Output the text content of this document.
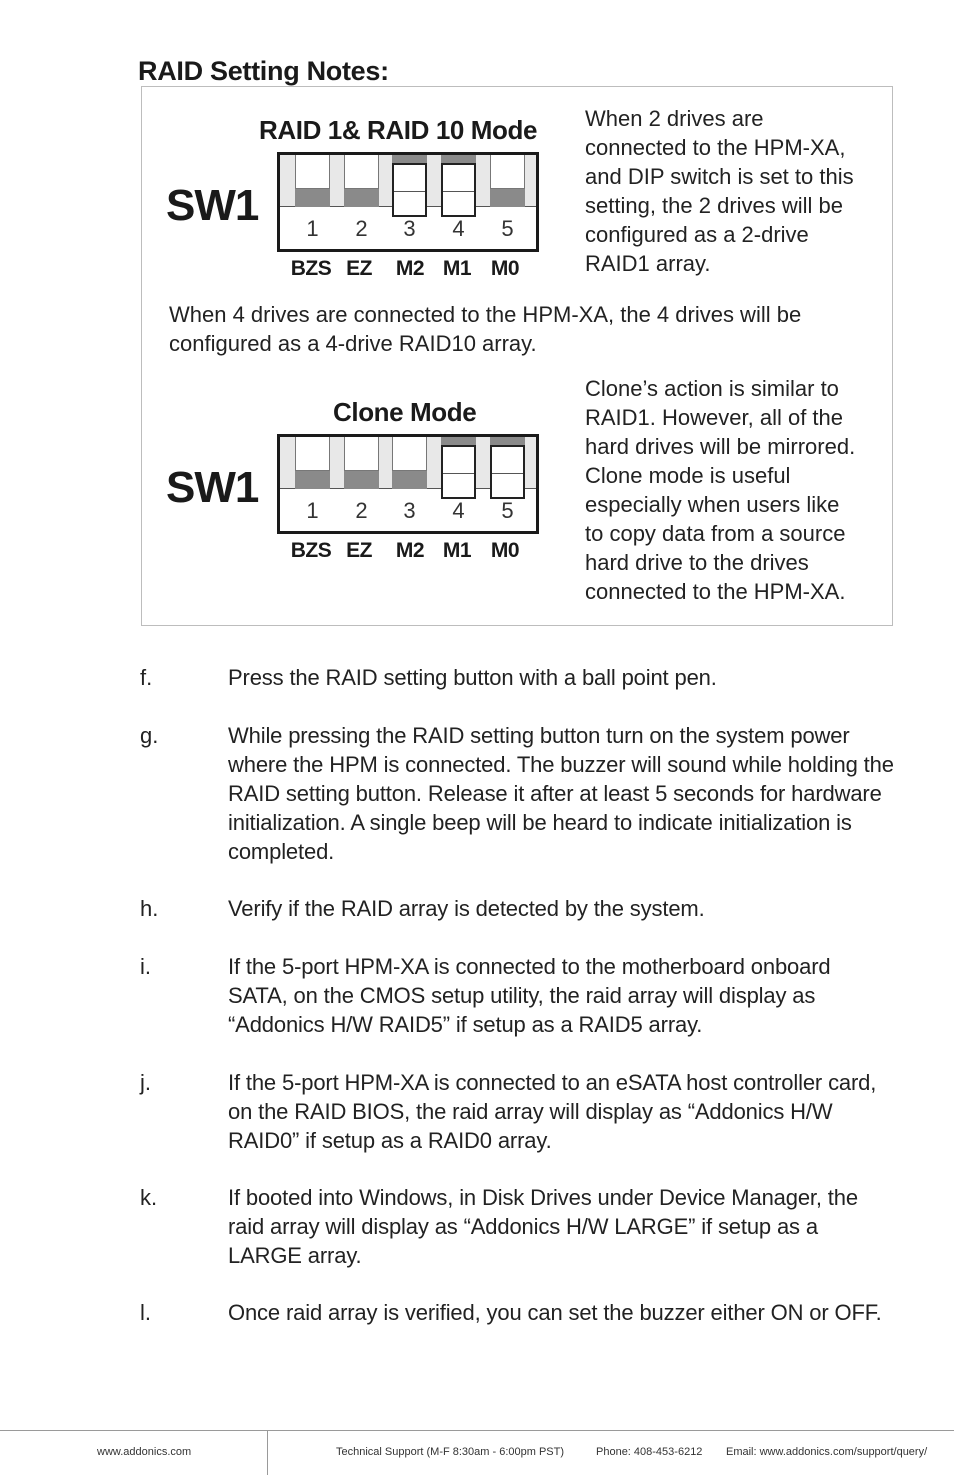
RAID Setting Notes:
RAID 1& RAID 10 Mode
SW1	1	2	3	4	5
BZS EZ M2 M1 M0
When 2 drives are
connected to the HPM-XA,
and DIP switch is set to this
setting, the 2 drives will be
configured as a 2-drive
RAID1 array.
When 4 drives are connected to the HPM-XA, the 4 drives will be
configured as a 4-drive RAID10 array.
Clone Mode
SW1	1	2	3	4	5
BZS EZ M2 M1 M0
Clone’s action is similar to
RAID1. However, all of the
hard drives will be mirrored.
Clone mode is useful
especially when users like
to copy data from a source
hard drive to the drives
connected to the HPM-XA.
f.	Press the RAID setting button with a ball point pen.
g.	While pressing the RAID setting button turn on the system power
where the HPM is connected. The buzzer will sound while holding the
RAID setting button. Release it after at least 5 seconds for hardware
initialization. A single beep will be heard to indicate initialization is
completed.
h.	Verify if the RAID array is detected by the system.
i.	If the 5-port HPM-XA is connected to the motherboard onboard
SATA, on the CMOS setup utility, the raid array will display as
“Addonics H/W RAID5” if setup as a RAID5 array.
j.	If the 5-port HPM-XA is connected to an eSATA host controller card,
on the RAID BIOS, the raid array will display as “Addonics H/W
RAID0” if setup as a RAID0 array.
k.	If booted into Windows, in Disk Drives under Device Manager, the
raid array will display as “Addonics H/W LARGE” if setup as a
LARGE array.
l.	Once raid array is verified, you can set the buzzer either ON or OFF.
www.addonics.com	Technical Support (M-F 8:30am - 6:00pm PST)	Phone: 408-453-6212 Email: www.addonics.com/support/query/
